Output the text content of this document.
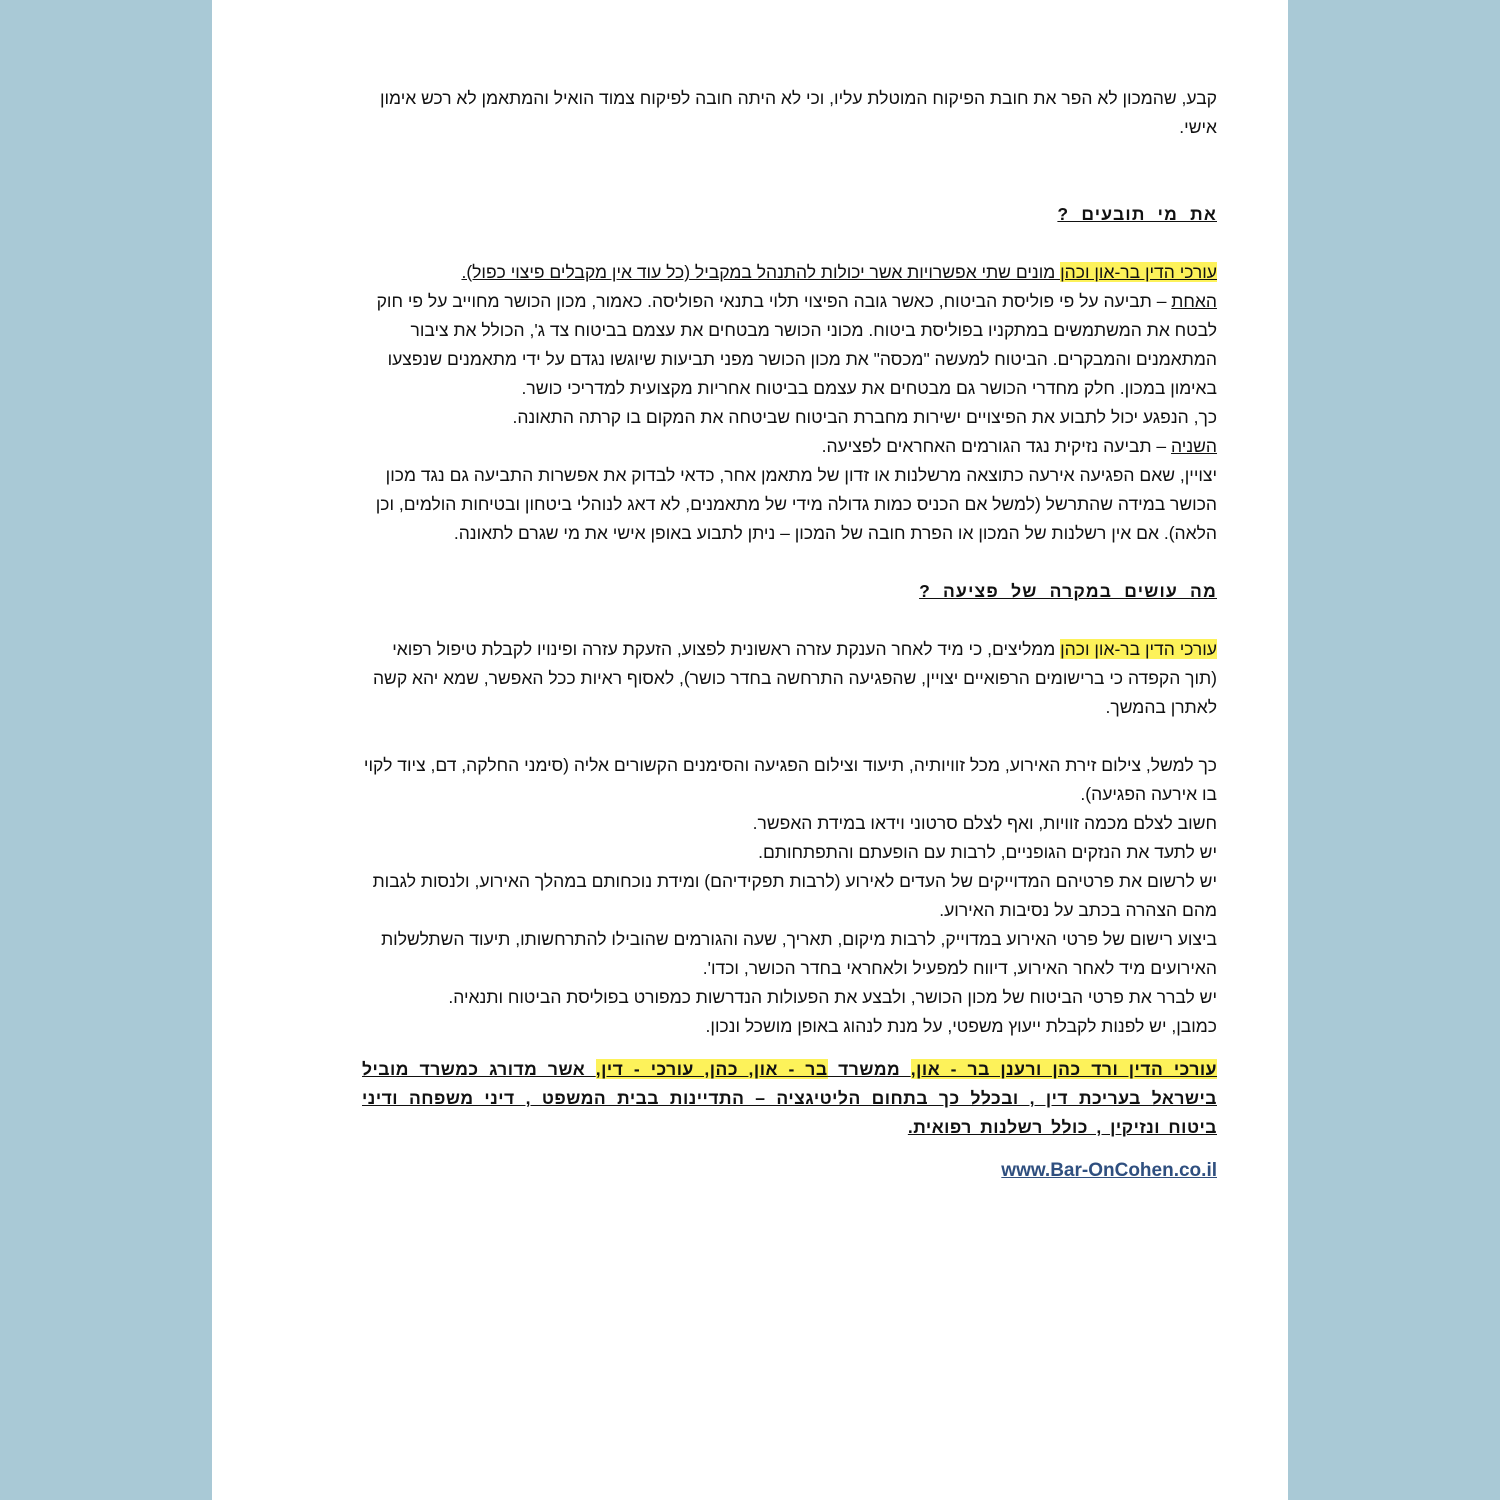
קבע, שהמכון לא הפר את חובת הפיקוח המוטלת עליו, וכי לא היתה חובה לפיקוח צמוד הואיל והמתאמן לא רכש אימון אישי.

את מי תובעים ?

עורכי הדין בר-און וכהן מונים שתי אפשרויות אשר יכולות להתנהל במקביל (כל עוד אין מקבלים פיצוי כפול).

האחת – תביעה על פי פוליסת הביטוח, כאשר גובה הפיצוי תלוי בתנאי הפוליסה. כאמור, מכון הכושר מחוייב על פי חוק לבטח את המשתמשים במתקניו בפוליסת ביטוח. מכוני הכושר מבטחים את עצמם בביטוח צד ג', הכולל את ציבור המתאמנים והמבקרים. הביטוח למעשה "מכסה" את מכון הכושר מפני תביעות שיוגשו נגדם על ידי מתאמנים שנפצעו באימון במכון. חלק מחדרי הכושר גם מבטחים את עצמם בביטוח אחריות מקצועית למדריכי כושר.

כך, הנפגע יכול לתבוע את הפיצויים ישירות מחברת הביטוח שביטחה את המקום בו קרתה התאונה.

השניה – תביעה נזיקית נגד הגורמים האחראים לפציעה.

יצויין, שאם הפגיעה אירעה כתוצאה מרשלנות או זדון של מתאמן אחר, כדאי לבדוק את אפשרות התביעה גם נגד מכון הכושר במידה שהתרשל (למשל אם הכניס כמות גדולה מידי של מתאמנים, לא דאג לנוהלי ביטחון ובטיחות הולמים, וכן הלאה). אם אין רשלנות של המכון או הפרת חובה של המכון – ניתן לתבוע באופן אישי את מי שגרם לתאונה.

מה עושים במקרה של פציעה ?

עורכי הדין בר-און וכהן ממליצים, כי מיד לאחר הענקת עזרה ראשונית לפצוע, הזעקת עזרה ופינויו לקבלת טיפול רפואי (תוך הקפדה כי ברישומים הרפואיים יצויין, שהפגיעה התרחשה בחדר כושר), לאסוף ראיות ככל האפשר, שמא יהא קשה לאתרן בהמשך.

כך למשל, צילום זירת האירוע, מכל זוויותיה, תיעוד וצילום הפגיעה והסימנים הקשורים אליה (סימני החלקה, דם, ציוד לקוי בו אירעה הפגיעה).

חשוב לצלם מכמה זוויות, ואף לצלם סרטוני וידאו במידת האפשר.

יש לתעד את הנזקים הגופניים, לרבות עם הופעתם והתפתחותם.

יש לרשום את פרטיהם המדוייקים של העדים לאירוע (לרבות תפקידיהם) ומידת נוכחותם במהלך האירוע, ולנסות לגבות מהם הצהרה בכתב על נסיבות האירוע.

ביצוע רישום של פרטי האירוע במדוייק, לרבות מיקום, תאריך, שעה והגורמים שהובילו להתרחשותו, תיעוד השתלשלות האירועים מיד לאחר האירוע, דיווח למפעיל ולאחראי בחדר הכושר, וכדו'.

יש לברר את פרטי הביטוח של מכון הכושר, ולבצע את הפעולות הנדרשות כמפורט בפוליסת הביטוח ותנאיה.

כמובן, יש לפנות לקבלת ייעוץ משפטי, על מנת לנהוג באופן מושכל ונכון.

עורכי הדין ורד כהן ורענן בר - און, ממשרד בר - און, כהן, עורכי - דין, אשר מדורג כמשרד מוביל בישראל בעריכת דין , ובכלל כך בתחום הליטיגציה – התדיינות בבית המשפט , דיני משפחה ודיני ביטוח ונזיקין , כולל רשלנות רפואית.

www.Bar-OnCohen.co.il
